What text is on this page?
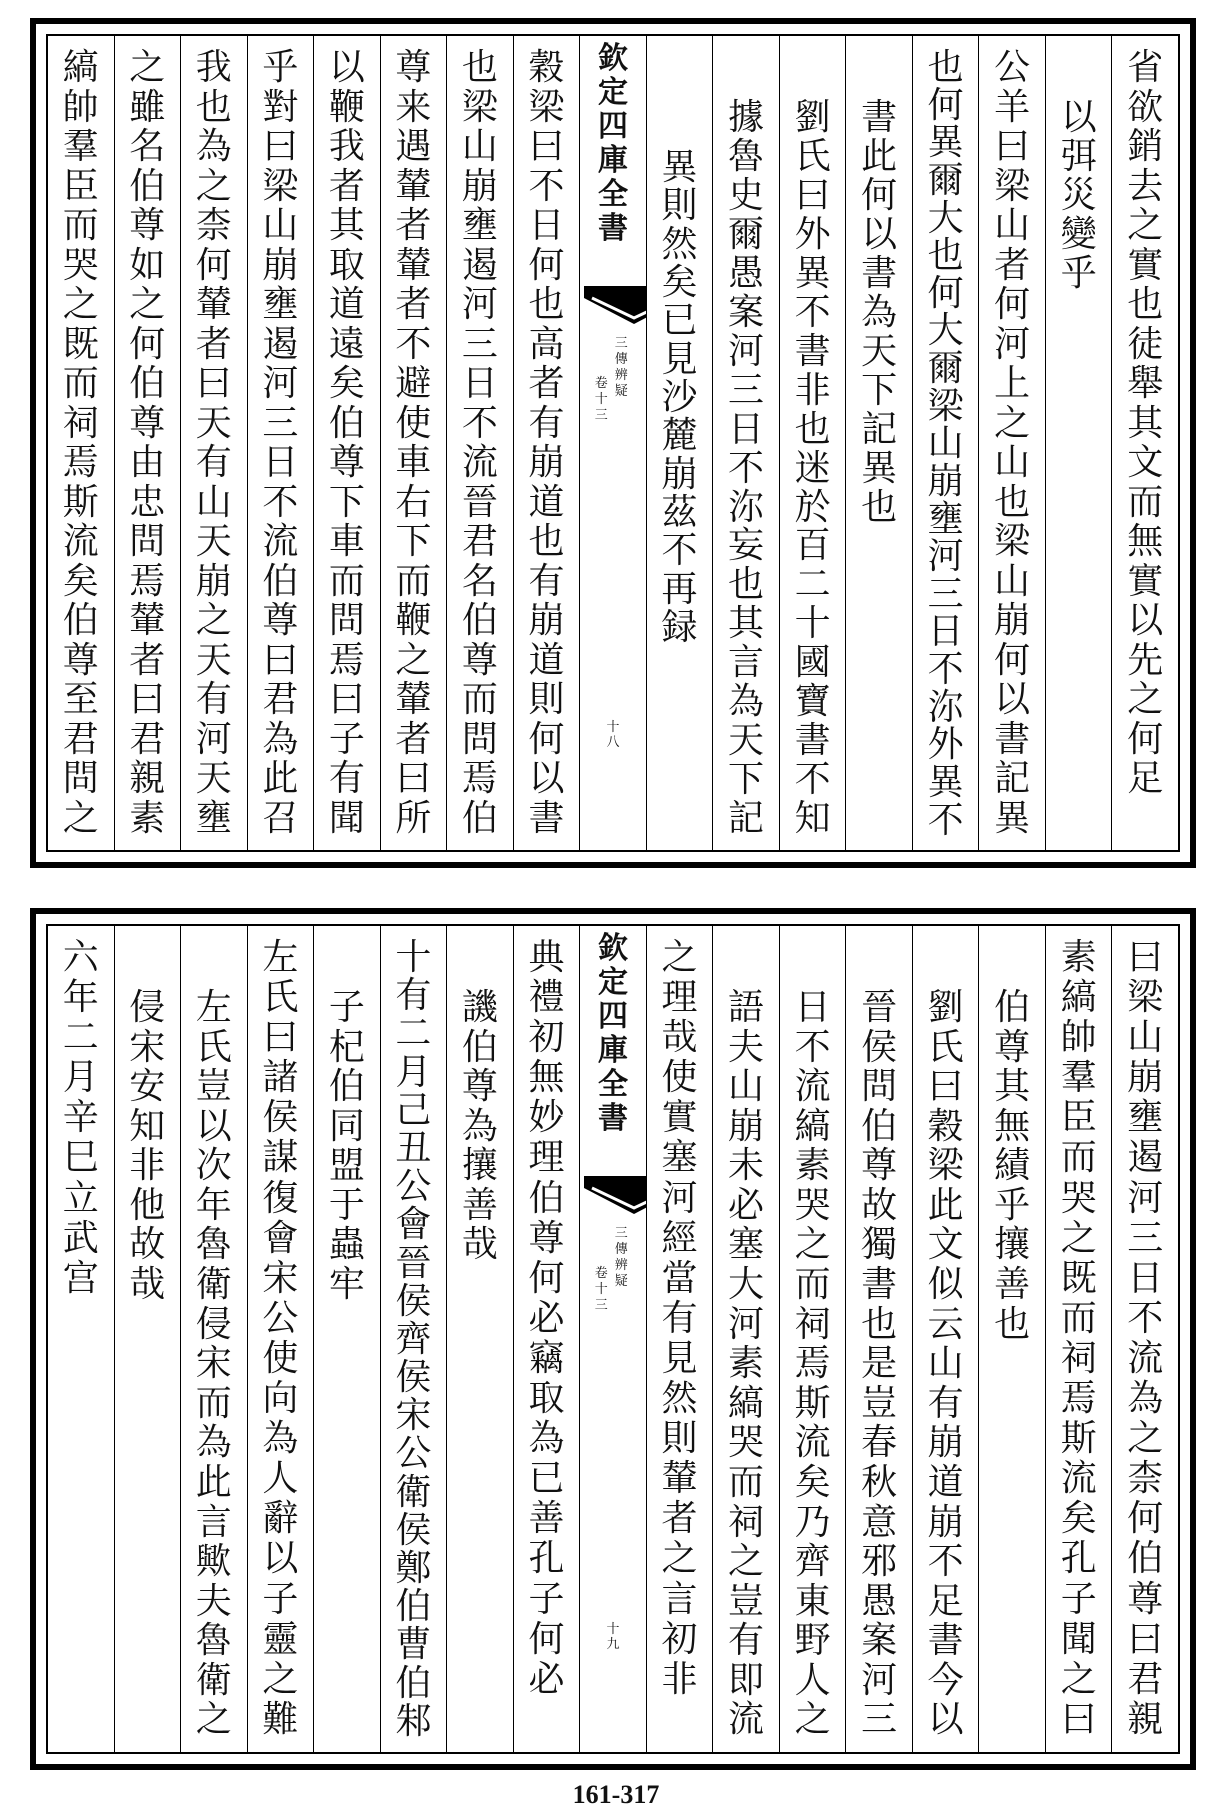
省
欲
銷
去
之
實
也
徒
舉
其
文
而
無
實
以
先
之
何
足

以
弭
災
變
乎

公
羊
曰
梁
山
者
何
河
上
之
山
也
梁
山
崩
何
以
書
記
異
也
何
異
爾
大
也
何
大
爾
梁
山
崩
壅
河
三
日
不
沵
外
異
不
書
此
何
以
書
為
天
下
記
異
也

劉
氏
曰
外
異
不
書
非
也
迷
於
百
二
十
國
寶
書
不
知
據
魯
史
爾
愚
案
河
三
日
不
沵
妄
也
其
言
為
天
下
記
異
則
然
矣
已
見
沙
麓
崩
茲
不
再
録

欽
定
四
庫
全
書
三
傳
辨
疑
卷
十
三
十
八
穀
梁
曰
不
日
何
也
高
者
有
崩
道
也
有
崩
道
則
何
以
書
也
梁
山
崩
壅
遏
河
三
日
不
流
晉
君
名
伯
尊
而
問
焉
伯
尊
来
遇
輦
者
輦
者
不
避
使
車
右
下
而
鞭
之
輦
者
曰
所
以
鞭
我
者
其
取
道
遠
矣
伯
尊
下
車
而
問
焉
曰
子
有
聞
乎
對
曰
梁
山
崩
壅
遏
河
三
日
不
流
伯
尊
曰
君
為
此
召
我
也
為
之
柰
何
輦
者
曰
天
有
山
天
崩
之
天
有
河
天
壅
之
雖
名
伯
尊
如
之
何
伯
尊
由
忠
問
焉
輦
者
曰
君
親
素
縞
帥
羣
臣
而
哭
之
既
而
祠
焉
斯
流
矣
伯
尊
至
君
問
之
曰
梁
山
崩
壅
遏
河
三
日
不
流
為
之
柰
何
伯
尊
曰
君
親
素
縞
帥
羣
臣
而
哭
之
既
而
祠
焉
斯
流
矣
孔
子
聞
之
曰
伯
尊
其
無
績
乎
攘
善
也

劉
氏
曰
穀
梁
此
文
似
云
山
有
崩
道
崩
不
足
書
今
以
晉
侯
問
伯
尊
故
獨
書
也
是
豈
春
秋
意
邪
愚
案
河
三
日
不
流
縞
素
哭
之
而
祠
焉
斯
流
矣
乃
齊
東
野
人
之
語
夫
山
崩
未
必
塞
大
河
素
縞
哭
而
祠
之
豈
有
即
流
之
理
哉
使
實
塞
河
經
當
有
見
然
則
輦
者
之
言
初
非

欽
定
四
庫
全
書
三
傳
辨
疑
卷
十
三
十
九
典
禮
初
無
妙
理
伯
尊
何
必
竊
取
為
已
善
孔
子
何
必

譏
伯
尊
為
攘
善
哉

十
有
二
月
己
丑
公
會
晉
侯
齊
侯
宋
公
衛
侯
鄭
伯
曹
伯
邾
子
杞
伯
同
盟
于
蟲
牢

左
氏
曰
諸
侯
謀
復
會
宋
公
使
向
為
人
辭
以
子
靈
之
難
左
氏
豈
以
次
年
魯
衛
侵
宋
而
為
此
言
歟
夫
魯
衛
之
侵
宋
安
知
非
他
故
哉

六
年
二
月
辛
巳
立
武
宫

161-317
